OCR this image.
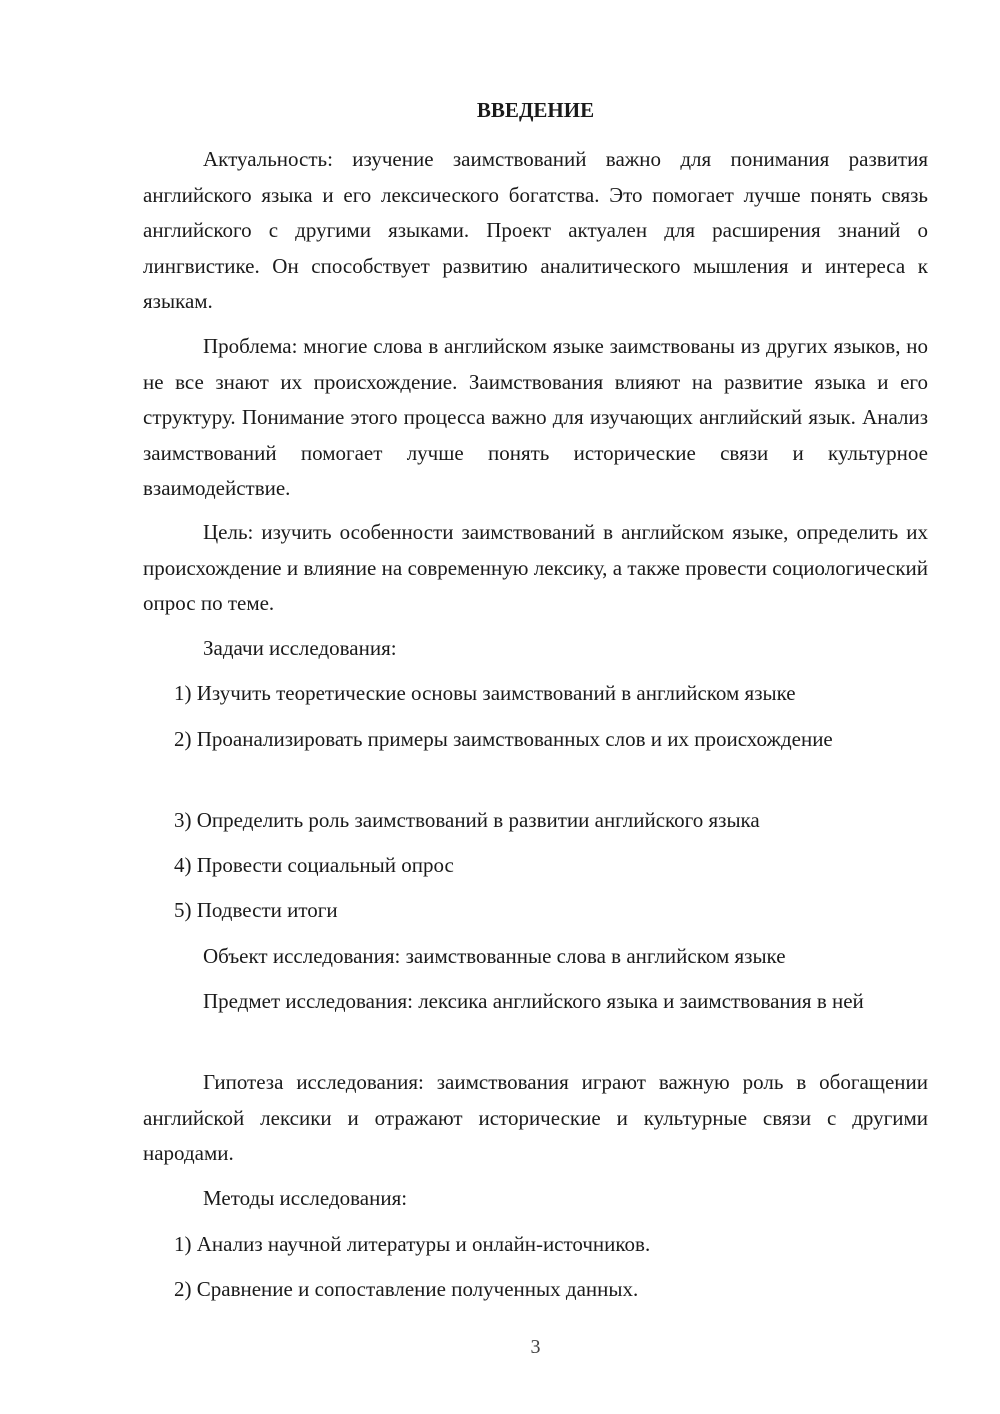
ВВЕДЕНИЕ

Актуальность: изучение заимствований важно для понимания развития английского языка и его лексического богатства. Это помогает лучше понять связь английского с другими языками. Проект актуален для расширения знаний о лингвистике. Он способствует развитию аналитического мышления и интереса к языкам.

Проблема: многие слова в английском языке заимствованы из других языков, но не все знают их происхождение. Заимствования влияют на развитие языка и его структуру. Понимание этого процесса важно для изучающих английский язык. Анализ заимствований помогает лучше понять исторические связи и культурное взаимодействие.

Цель: изучить особенности заимствований в английском языке, определить их происхождение и влияние на современную лексику, а также провести социологический опрос по теме.

Задачи исследования:

1) Изучить теоретические основы заимствований в английском языке

2) Проанализировать примеры заимствованных слов и их происхождение

3) Определить роль заимствований в развитии английского языка

4) Провести социальный опрос

5) Подвести итоги

Объект исследования: заимствованные слова в английском языке

Предмет исследования: лексика английского языка и заимствования в ней

Гипотеза исследования: заимствования играют важную роль в обогащении английской лексики и отражают исторические и культурные связи с другими народами.

Методы исследования:

1) Анализ научной литературы и онлайн-источников.

2) Сравнение и сопоставление полученных данных.

3
